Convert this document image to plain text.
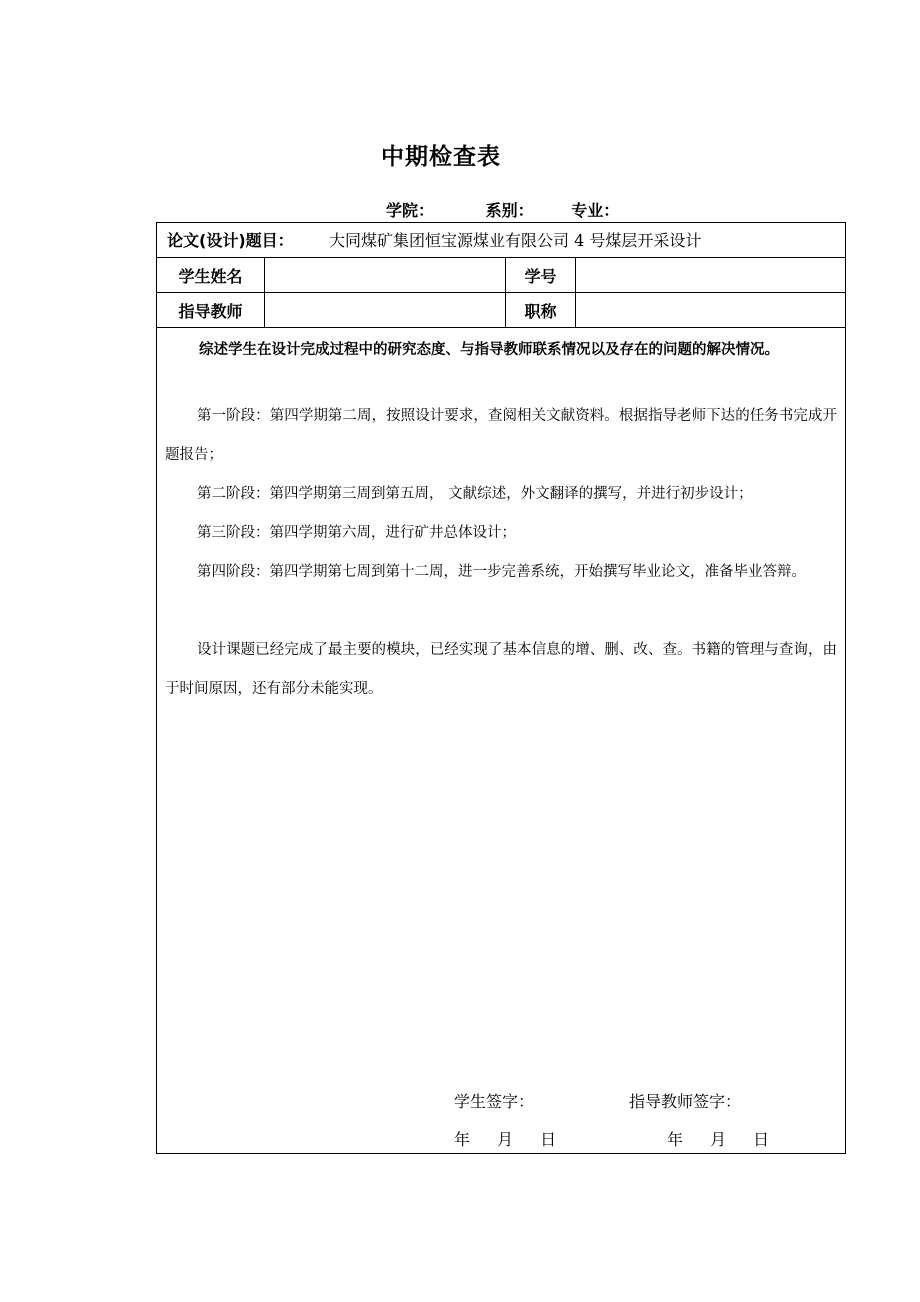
中期检查表
学院：	系别： 专业：
论文(设计)题目： 大同煤矿集团恒宝源煤业有限公司 4 号煤层开采设计
学生姓名	学号
指导教师	职称
综述学生在设计完成过程中的研究态度、与指导教师联系情况以及存在的问题的解决情况。
第一阶段：第四学期第二周，按照设计要求，查阅相关文献资料。根据指导老师下达的任务书完成开题报告；
第二阶段：第四学期第三周到第五周， 文献综述，外文翻译的撰写，并进行初步设计；
第三阶段：第四学期第六周，进行矿井总体设计；
第四阶段：第四学期第七周到第十二周，进一步完善系统，开始撰写毕业论文，准备毕业答辩。
设计课题已经完成了最主要的模块，已经实现了基本信息的增、删、改、查。书籍的管理与查询，由于时间原因，还有部分未能实现。
学生签字：	指导教师签字：
年 月 日	年 月 日
